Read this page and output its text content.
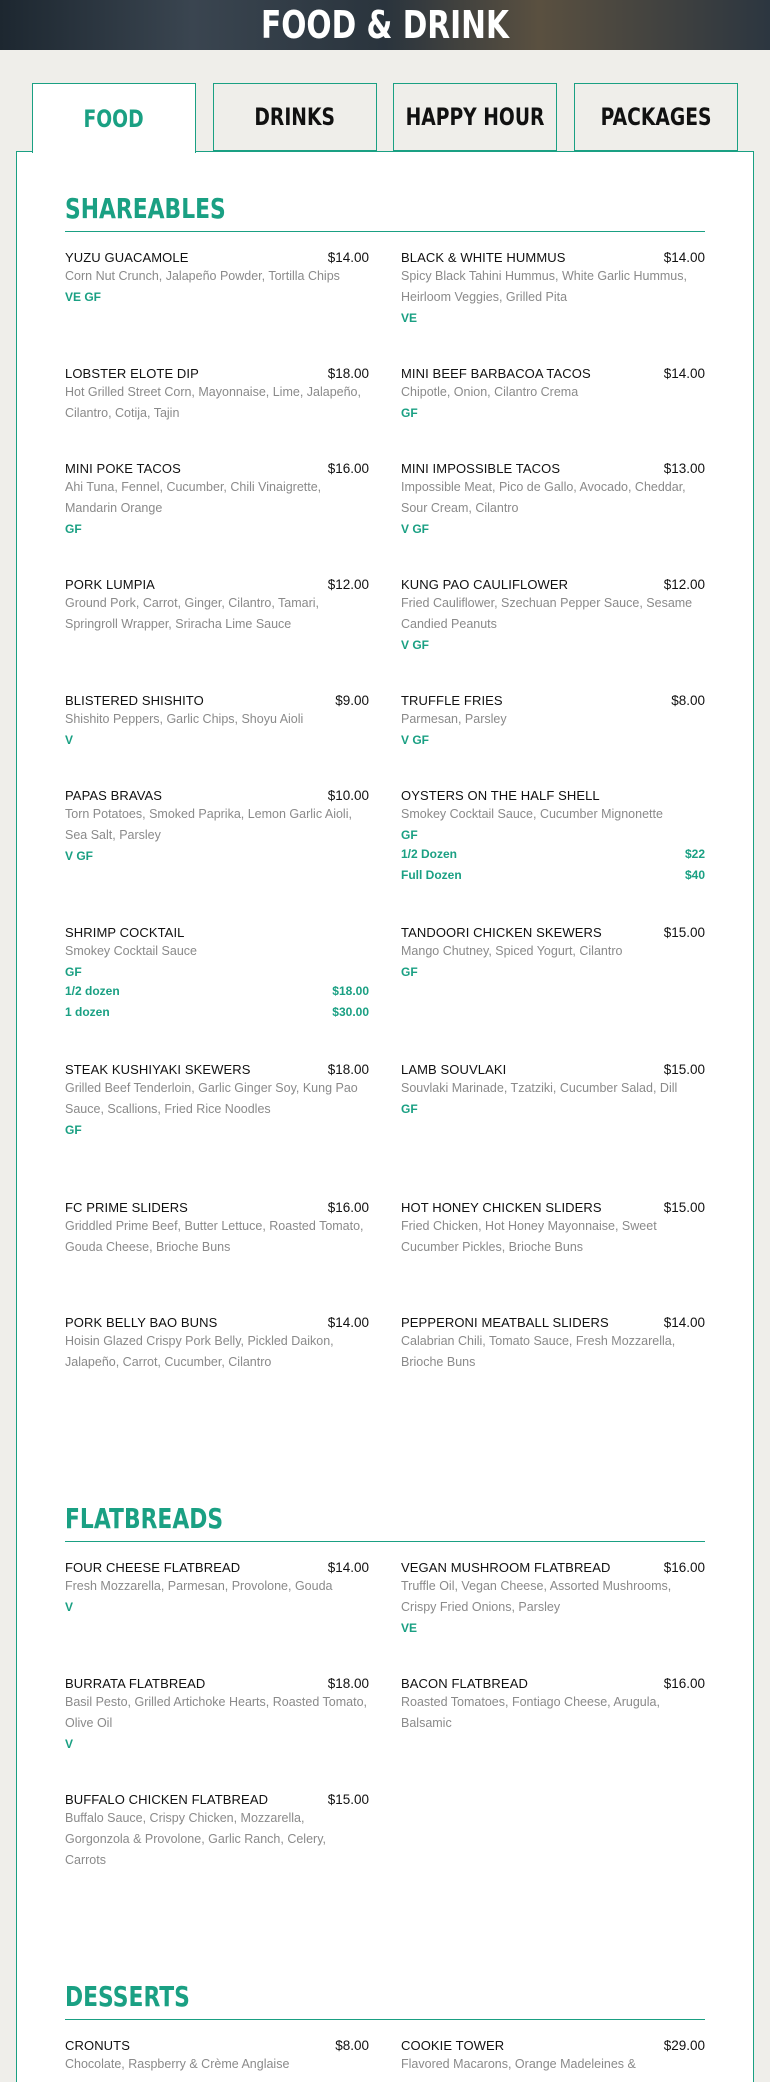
FOOD & DRINK
FOOD	DRINKS	HAPPY HOUR PACKAGES
SHAREABLES
YUZU GUACAMOLE	$14.00
Corn Nut Crunch, Jalapeño Powder, Tortilla Chips
VE GF
BLACK & WHITE HUMMUS	$14.00
Spicy Black Tahini Hummus, White Garlic Hummus, Heirloom Veggies, Grilled Pita
VE
LOBSTER ELOTE DIP	$18.00
Hot Grilled Street Corn, Mayonnaise, Lime, Jalapeño, Cilantro, Cotija, Tajin
MINI BEEF BARBACOA TACOS	$14.00
Chipotle, Onion, Cilantro Crema
GF
MINI POKE TACOS	$16.00
Ahi Tuna, Fennel, Cucumber, Chili Vinaigrette, Mandarin Orange
GF
MINI IMPOSSIBLE TACOS	$13.00
Impossible Meat, Pico de Gallo, Avocado, Cheddar, Sour Cream, Cilantro
V GF
PORK LUMPIA	$12.00
Ground Pork, Carrot, Ginger, Cilantro, Tamari, Springroll Wrapper, Sriracha Lime Sauce
KUNG PAO CAULIFLOWER	$12.00
Fried Cauliflower, Szechuan Pepper Sauce, Sesame Candied Peanuts
V GF
BLISTERED SHISHITO	$9.00
Shishito Peppers, Garlic Chips, Shoyu Aioli
V
TRUFFLE FRIES	$8.00
Parmesan, Parsley
V GF
PAPAS BRAVAS	$10.00
Torn Potatoes, Smoked Paprika, Lemon Garlic Aioli, Sea Salt, Parsley
V GF
OYSTERS ON THE HALF SHELL
Smokey Cocktail Sauce, Cucumber Mignonette
GF
1/2 Dozen	$22
Full Dozen	$40
SHRIMP COCKTAIL
Smokey Cocktail Sauce
GF
1/2 dozen	$18.00
1 dozen	$30.00
TANDOORI CHICKEN SKEWERS	$15.00
Mango Chutney, Spiced Yogurt, Cilantro
GF
STEAK KUSHIYAKI SKEWERS	$18.00
Grilled Beef Tenderloin, Garlic Ginger Soy, Kung Pao Sauce, Scallions, Fried Rice Noodles
GF
LAMB SOUVLAKI	$15.00
Souvlaki Marinade, Tzatziki, Cucumber Salad, Dill
GF
FC PRIME SLIDERS	$16.00
Griddled Prime Beef, Butter Lettuce, Roasted Tomato, Gouda Cheese, Brioche Buns
HOT HONEY CHICKEN SLIDERS	$15.00
Fried Chicken, Hot Honey Mayonnaise, Sweet Cucumber Pickles, Brioche Buns
PORK BELLY BAO BUNS	$14.00
Hoisin Glazed Crispy Pork Belly, Pickled Daikon, Jalapeño, Carrot, Cucumber, Cilantro
PEPPERONI MEATBALL SLIDERS	$14.00
Calabrian Chili, Tomato Sauce, Fresh Mozzarella, Brioche Buns
FLATBREADS
FOUR CHEESE FLATBREAD	$14.00
Fresh Mozzarella, Parmesan, Provolone, Gouda
V
VEGAN MUSHROOM FLATBREAD	$16.00
Truffle Oil, Vegan Cheese, Assorted Mushrooms, Crispy Fried Onions, Parsley
VE
BURRATA FLATBREAD	$18.00
Basil Pesto, Grilled Artichoke Hearts, Roasted Tomato, Olive Oil
V
BACON FLATBREAD	$16.00
Roasted Tomatoes, Fontiago Cheese, Arugula, Balsamic
BUFFALO CHICKEN FLATBREAD	$15.00
Buffalo Sauce, Crispy Chicken, Mozzarella, Gorgonzola & Provolone, Garlic Ranch, Celery, Carrots
DESSERTS
CRONUTS	$8.00
Chocolate, Raspberry & Crème Anglaise
COOKIE TOWER	$29.00
Flavored Macarons, Orange Madeleines &
